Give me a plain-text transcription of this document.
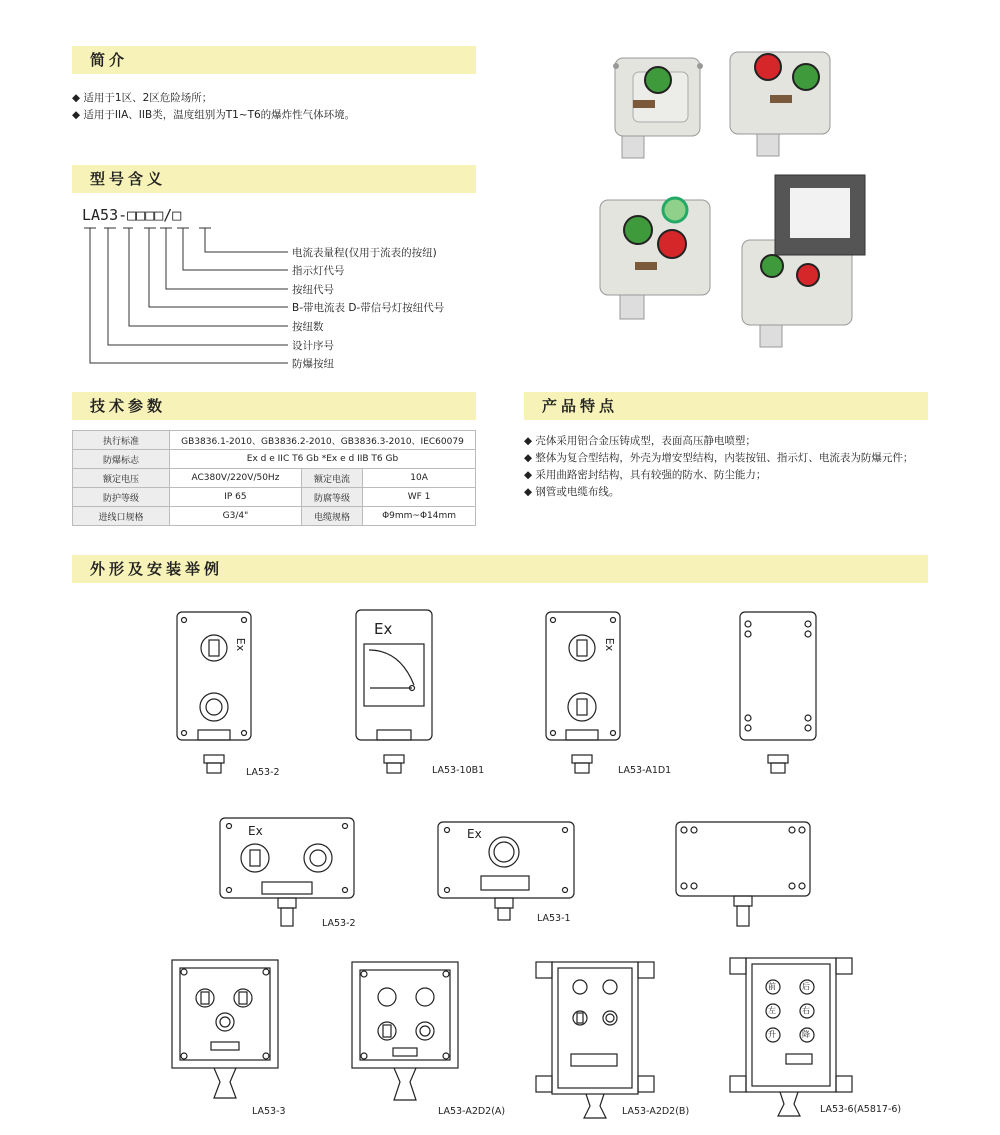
简介
型号含义
技术参数	产品特点
外形及安装举例
◆ 适用于1区、2区危险场所；
◆ 适用于IIA、IIB类，温度组别为T1~T6的爆炸性气体环境。
LA53-□□□□/□
电流表量程(仅用于流表的按纽)
指示灯代号
按纽代号
B-带电流表 D-带信号灯按纽代号
按纽数
设计序号
防爆按纽
执行标准	GB3836.1-2010、GB3836.2-2010、GB3836.3-2010、IEC60079		
防爆标志	Ex d e IIC T6 Gb *Ex e d IIB T6 Gb		
额定电压	AC380V/220V/50Hz	额定电流	10A
防护等级	IP 65	防腐等级	WF 1
进线口规格	G3/4"	电缆规格	Φ9mm~Φ14mm
◆ 壳体采用铝合金压铸成型，表面高压静电喷塑；
◆ 整体为复合型结构，外壳为增安型结构，内装按钮、指示灯、电流表为防爆元件；
◆ 采用曲路密封结构，具有较强的防水、防尘能力；
◆ 钢管或电缆布线。
Ex
Ex
Ex
Ex	Ex
前	后
左	右
升	降
LA53-2	LA53-10B1	LA53-A1D1
LA53-2	LA53-1
LA53-3	LA53-A2D2(A)	LA53-A2D2(B)	LA53-6(A5817-6)
